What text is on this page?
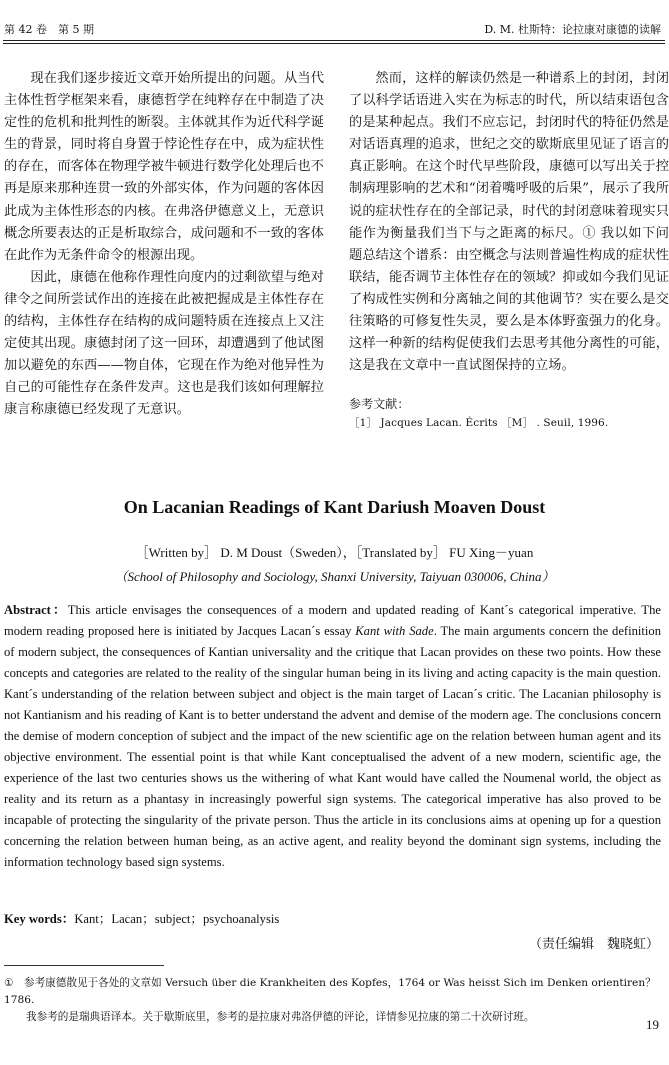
第 42 卷　第 5 期	D. M. 杜斯特：论拉康对康德的读解

现在我们逐步接近文章开始所提出的问题。从当代主体性哲学框架来看，康德哲学在纯粹存在中制造了决定性的危机和批判性的断裂。主体就其作为近代科学诞生的背景，同时将自身置于悖论性存在中，成为症状性的存在，而客体在物理学被牛顿进行数学化处理后也不再是原来那种连贯一致的外部实体，作为问题的客体因此成为主体性形态的内核。在弗洛伊德意义上，无意识概念所要表达的正是析取综合，成问题和不一致的客体在此作为无条件命令的根源出现。

因此，康德在他称作理性向度内的过剩欲望与绝对律令之间所尝试作出的连接在此被把握成是主体性存在的结构，主体性存在结构的成问题特质在连接点上又注定使其出现。康德封闭了这一回环，却遭遇到了他试图加以避免的东西——物自体，它现在作为绝对他异性为自己的可能性存在条件发声。这也是我们该如何理解拉康言称康德已经发现了无意识。

然而，这样的解读仍然是一种谱系上的封闭，封闭了以科学话语进入实在为标志的时代，所以结束语包含的是某种起点。我们不应忘记，封闭时代的特征仍然是对话语真理的追求，世纪之交的歇斯底里见证了语言的真正影响。在这个时代早些阶段，康德可以写出关于控制病理影响的艺术和“闭着嘴呼吸的后果”，展示了我所说的症状性存在的全部记录，时代的封闭意味着现实只能作为衡量我们当下与之距离的标尺。① 我以如下问题总结这个谱系：由空概念与法则普遍性构成的症状性联结，能否调节主体性存在的领域？抑或如今我们见证了构成性实例和分离轴之间的其他调节？实在要么是交往策略的可修复性失灵，要么是本体野蛮强力的化身。这样一种新的结构促使我们去思考其他分离性的可能，这是我在文章中一直试图保持的立场。

参考文献：

［1］ Jacques Lacan. Écrits ［M］ . Seuil, 1996.

On Lacanian Readings of Kant Dariush Moaven Doust
［Written by］ D. M Doust（Sweden），［Translated by］ FU Xing－yuan
（School of Philosophy and Sociology, Shanxi University, Taiyuan 030006, China）
Abstract：This article envisages the consequences of a modern and updated reading of Kant´s categorical imperative. The modern reading proposed here is initiated by Jacques Lacan´s essay Kant with Sade. The main arguments concern the definition of modern subject, the consequences of Kantian universality and the critique that Lacan provides on these two points. How these concepts and categories are related to the reality of the singular human being in its living and acting capacity is the main question. Kant´s understanding of the relation between subject and object is the main target of Lacan´s critic. The Lacanian philosophy is not Kantianism and his reading of Kant is to better understand the advent and demise of the modern age. The conclusions concern the demise of modern conception of subject and the impact of the new scientific age on the relation between human agent and its objective environment. The essential point is that while Kant conceptualised the advent of a new modern, scientific age, the experience of the last two centuries shows us the withering of what Kant would have called the Noumenal world, the object as reality and its return as a phantasy in increasingly powerful sign systems. The categorical imperative has also proved to be incapable of protecting the singularity of the private person. Thus the article in its conclusions aims at opening up for a question concerning the relation between human being, as an active agent, and reality beyond the dominant sign systems, including the information technology based sign systems.
Key words：Kant；Lacan；subject；psychoanalysis
（责任编辑　魏晓虹）
① 参考康德散见于各处的文章如 Versuch über die Krankheiten des Kopfes，1764 or Was heisst Sich im Denken orientiren？1786.
我参考的是瑞典语译本。关于歇斯底里，参考的是拉康对弗洛伊德的评论，详情参见拉康的第二十次研讨班。	19
